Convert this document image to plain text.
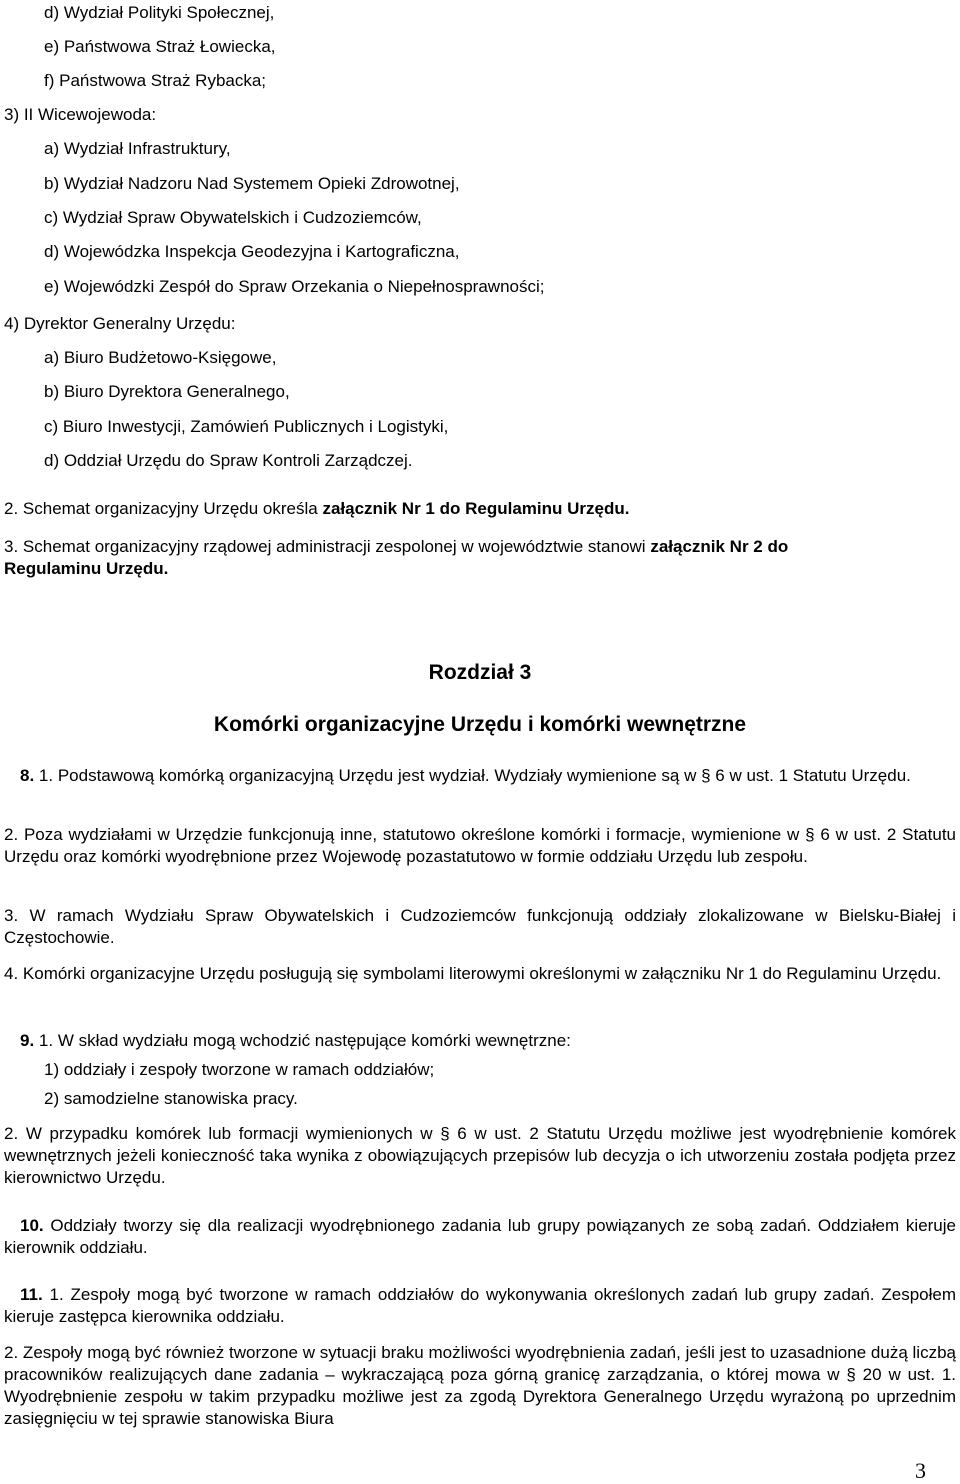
d) Wydział Polityki Społecznej,
e) Państwowa Straż Łowiecka,
f) Państwowa Straż Rybacka;
3) II Wicewojewoda:
a) Wydział Infrastruktury,
b) Wydział Nadzoru Nad Systemem Opieki Zdrowotnej,
c) Wydział Spraw Obywatelskich i Cudzoziemców,
d) Wojewódzka Inspekcja Geodezyjna i Kartograficzna,
e) Wojewódzki Zespół do Spraw Orzekania o Niepełnosprawności;
4) Dyrektor Generalny Urzędu:
a) Biuro Budżetowo-Księgowe,
b) Biuro Dyrektora Generalnego,
c) Biuro Inwestycji, Zamówień Publicznych i Logistyki,
d) Oddział Urzędu do Spraw Kontroli Zarządczej.
2. Schemat organizacyjny Urzędu określa załącznik Nr 1 do Regulaminu Urzędu.
3. Schemat organizacyjny rządowej administracji zespolonej w województwie stanowi załącznik Nr 2 do
Regulaminu Urzędu.
Rozdział 3
Komórki organizacyjne Urzędu i komórki wewnętrzne
8. 1. Podstawową komórką organizacyjną Urzędu jest wydział. Wydziały wymienione są w § 6 w ust. 1 Statutu Urzędu.
2. Poza wydziałami w Urzędzie funkcjonują inne, statutowo określone komórki i formacje, wymienione w § 6 w ust. 2 Statutu Urzędu oraz komórki wyodrębnione przez Wojewodę pozastatutowo w formie oddziału Urzędu lub zespołu.
3. W ramach Wydziału Spraw Obywatelskich i Cudzoziemców funkcjonują oddziały zlokalizowane w Bielsku-Białej i Częstochowie.
4. Komórki organizacyjne Urzędu posługują się symbolami literowymi określonymi w załączniku Nr 1 do Regulaminu Urzędu.
9. 1. W skład wydziału mogą wchodzić następujące komórki wewnętrzne:
1) oddziały i zespoły tworzone w ramach oddziałów;
2) samodzielne stanowiska pracy.
2. W przypadku komórek lub formacji wymienionych w § 6 w ust. 2 Statutu Urzędu możliwe jest wyodrębnienie komórek wewnętrznych jeżeli konieczność taka wynika z obowiązujących przepisów lub decyzja o ich utworzeniu została podjęta przez kierownictwo Urzędu.
10. Oddziały tworzy się dla realizacji wyodrębnionego zadania lub grupy powiązanych ze sobą zadań. Oddziałem kieruje kierownik oddziału.
11. 1. Zespoły mogą być tworzone w ramach oddziałów do wykonywania określonych zadań lub grupy zadań. Zespołem kieruje zastępca kierownika oddziału.
2. Zespoły mogą być również tworzone w sytuacji braku możliwości wyodrębnienia zadań, jeśli jest to uzasadnione dużą liczbą pracowników realizujących dane zadania – wykraczającą poza górną granicę zarządzania, o której mowa w § 20 w ust. 1. Wyodrębnienie zespołu w takim przypadku możliwe jest za zgodą Dyrektora Generalnego Urzędu wyrażoną po uprzednim zasięgnięciu w tej sprawie stanowiska Biura
3
